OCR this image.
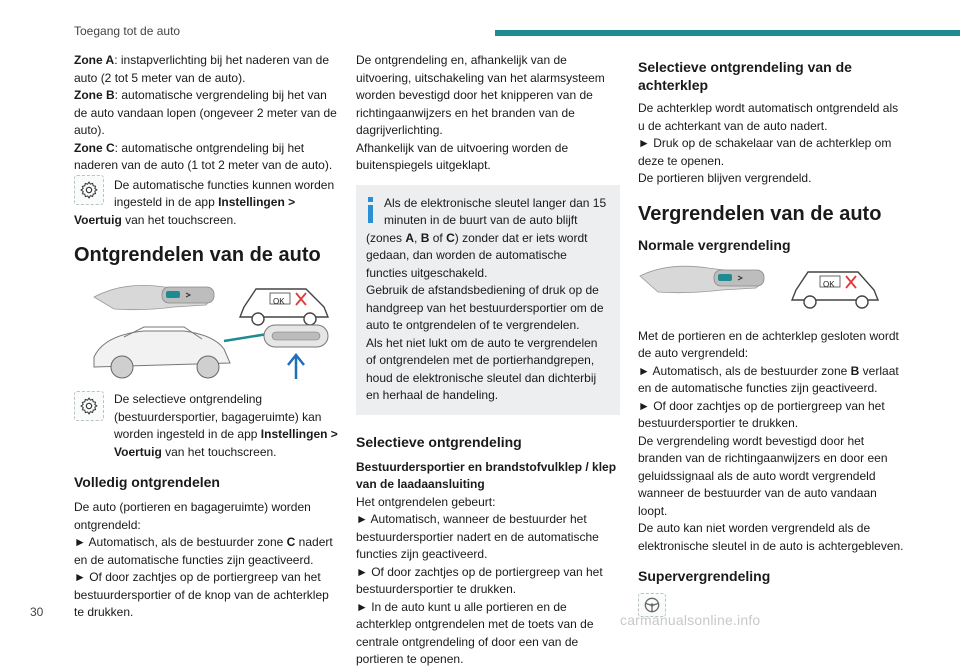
Toegang tot de auto

Zone A: instapverlichting bij het naderen van de auto (2 tot 5 meter van de auto).

Zone B: automatische vergrendeling bij het van de auto vandaan lopen (ongeveer 2 meter van de auto).

Zone C: automatische ontgrendeling bij het naderen van de auto (1 tot 2 meter van de auto).

De automatische functies kunnen worden ingesteld in de app Instellingen >

Voertuig van het touchscreen.

Ontgrendelen van de auto
OK

De selectieve ontgrendeling (bestuurdersportier, bagageruimte) kan worden ingesteld in de app Instellingen > Voertuig van het touchscreen.

Volledig ontgrendelen

De auto (portieren en bagageruimte) worden ontgrendeld:

► Automatisch, als de bestuurder zone C nadert en de automatische functies zijn geactiveerd.

► Of door zachtjes op de portiergreep van het bestuurdersportier of de knop van de achterklep te drukken.

De ontgrendeling en, afhankelijk van de uitvoering, uitschakeling van het alarmsysteem worden bevestigd door het knipperen van de richtingaanwijzers en het branden van de dagrijverlichting.

Afhankelijk van de uitvoering worden de buitenspiegels uitgeklapt.

Als de elektronische sleutel langer dan 15 minuten in de buurt van de auto blijft (zones A, B of C) zonder dat er iets wordt gedaan, dan worden de automatische functies uitgeschakeld.

Gebruik de afstandsbediening of druk op de handgreep van het bestuurdersportier om de auto te ontgrendelen of te vergrendelen.

Als het niet lukt om de auto te vergrendelen of ontgrendelen met de portierhandgrepen, houd de elektronische sleutel dan dichterbij en herhaal de handeling.

Selectieve ontgrendeling

Bestuurdersportier en brandstofvulklep / klep van de laadaansluiting

Het ontgrendelen gebeurt:

► Automatisch, wanneer de bestuurder het bestuurdersportier nadert en de automatische functies zijn geactiveerd.

► Of door zachtjes op de portiergreep van het bestuurdersportier te drukken.

► In de auto kunt u alle portieren en de achterklep ontgrendelen met de toets van de centrale ontgrendeling of door een van de portieren te openen.

Selectieve ontgrendeling van de achterklep

De achterklep wordt automatisch ontgrendeld als u de achterkant van de auto nadert.

► Druk op de schakelaar van de achterklep om deze te openen.

De portieren blijven vergrendeld.

Vergrendelen van de auto
Normale vergrendeling
OK

Met de portieren en de achterklep gesloten wordt de auto vergrendeld:

► Automatisch, als de bestuurder zone B verlaat en de automatische functies zijn geactiveerd.

► Of door zachtjes op de portiergreep van het bestuurdersportier te drukken.

De vergrendeling wordt bevestigd door het branden van de richtingaanwijzers en door een geluidssignaal als de auto wordt vergrendeld wanneer de bestuurder van de auto vandaan loopt.

De auto kan niet worden vergrendeld als de elektronische sleutel in de auto is achtergebleven.

Supervergrendeling
30	carmanualsonline.info
